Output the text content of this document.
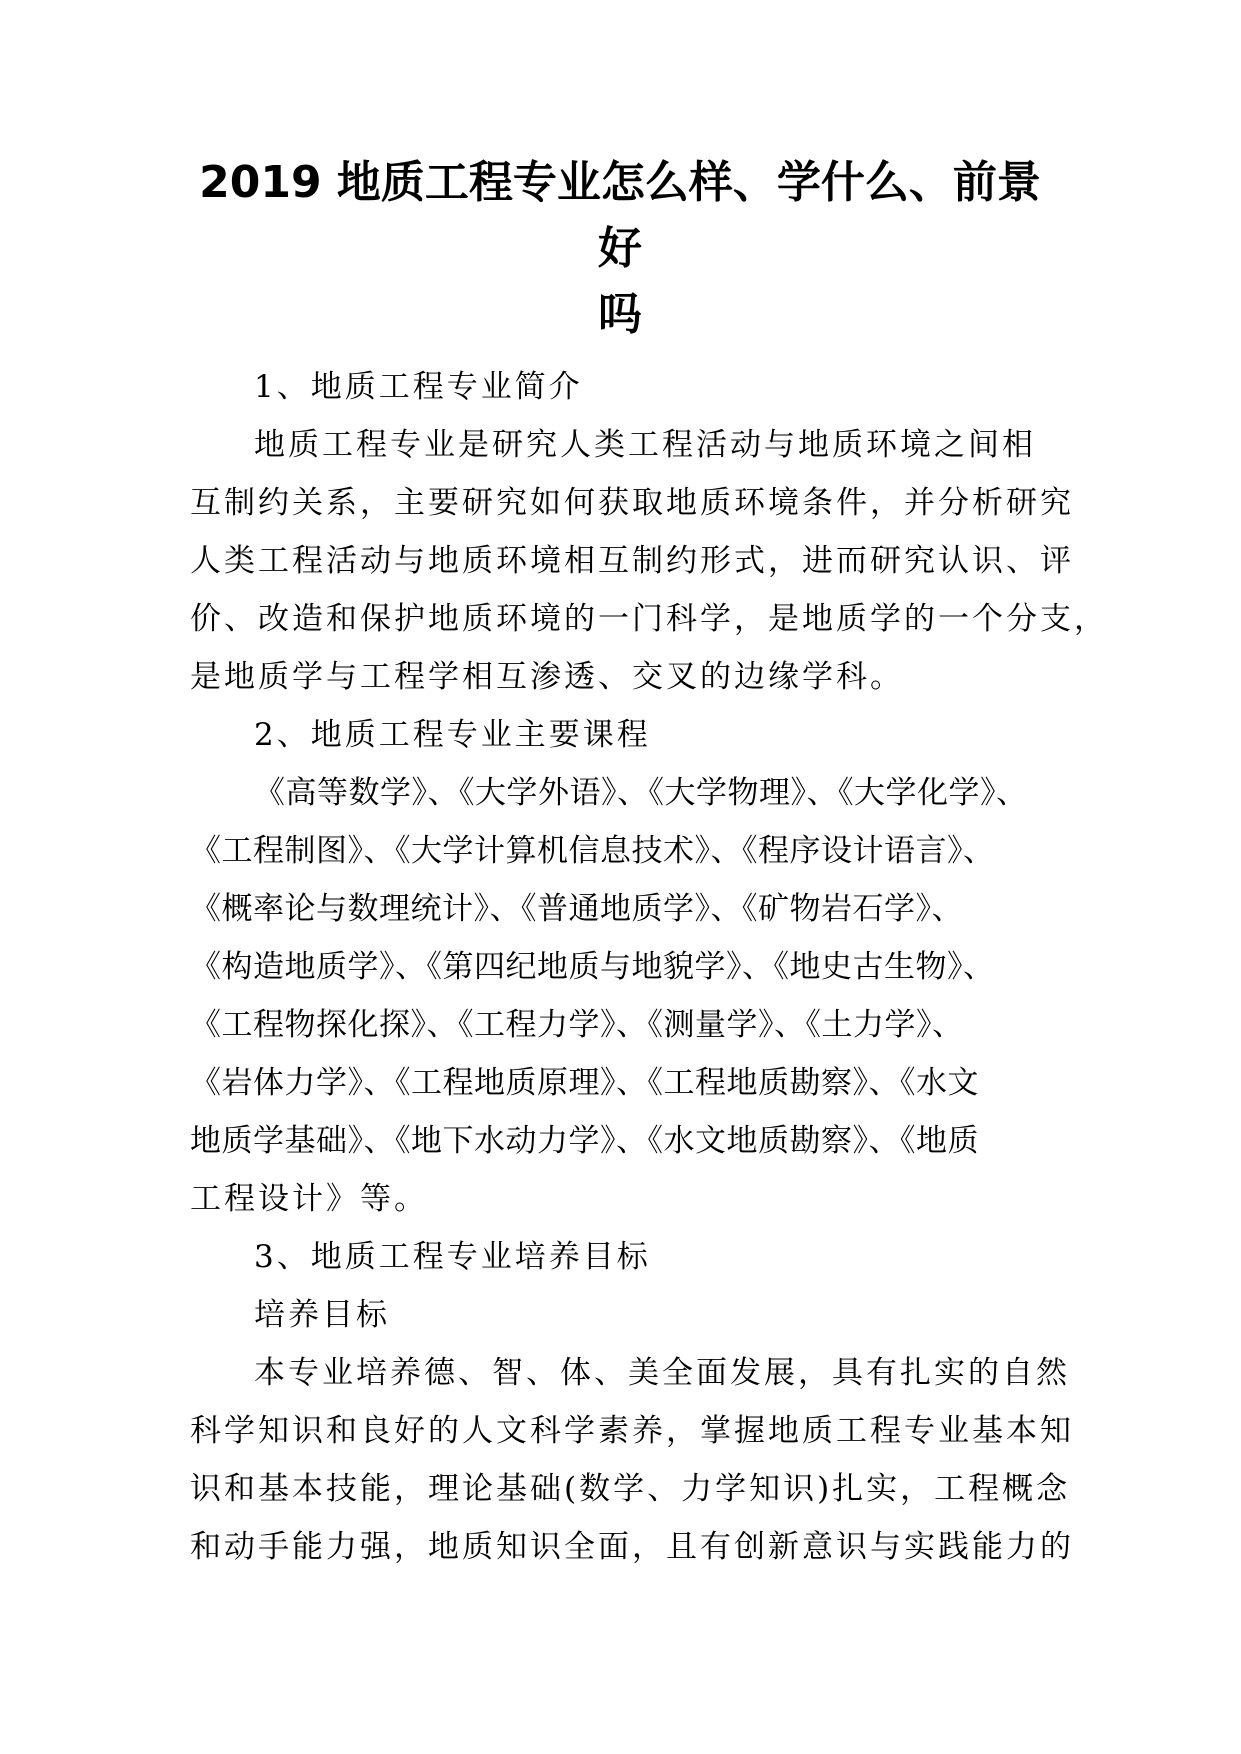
2019 地质工程专业怎么样、学什么、前景好
吗
1、地质工程专业简介
地质工程专业是研究人类工程活动与地质环境之间相
互制约关系，主要研究如何获取地质环境条件，并分析研究
人类工程活动与地质环境相互制约形式，进而研究认识、评
价、改造和保护地质环境的一门科学，是地质学的一个分支，
是地质学与工程学相互渗透、交叉的边缘学科。
2、地质工程专业主要课程
《高等数学》、《大学外语》、《大学物理》、《大学化学》、
《工程制图》、《大学计算机信息技术》、《程序设计语言》、
《概率论与数理统计》、《普通地质学》、《矿物岩石学》、
《构造地质学》、《第四纪地质与地貌学》、《地史古生物》、
《工程物探化探》、《工程力学》、《测量学》、《土力学》、
《岩体力学》、《工程地质原理》、《工程地质勘察》、《水文
地质学基础》、《地下水动力学》、《水文地质勘察》、《地质
工程设计》等。
3、地质工程专业培养目标
培养目标
本专业培养德、智、体、美全面发展，具有扎实的自然
科学知识和良好的人文科学素养，掌握地质工程专业基本知
识和基本技能，理论基础(数学、力学知识)扎实，工程概念
和动手能力强，地质知识全面，且有创新意识与实践能力的
